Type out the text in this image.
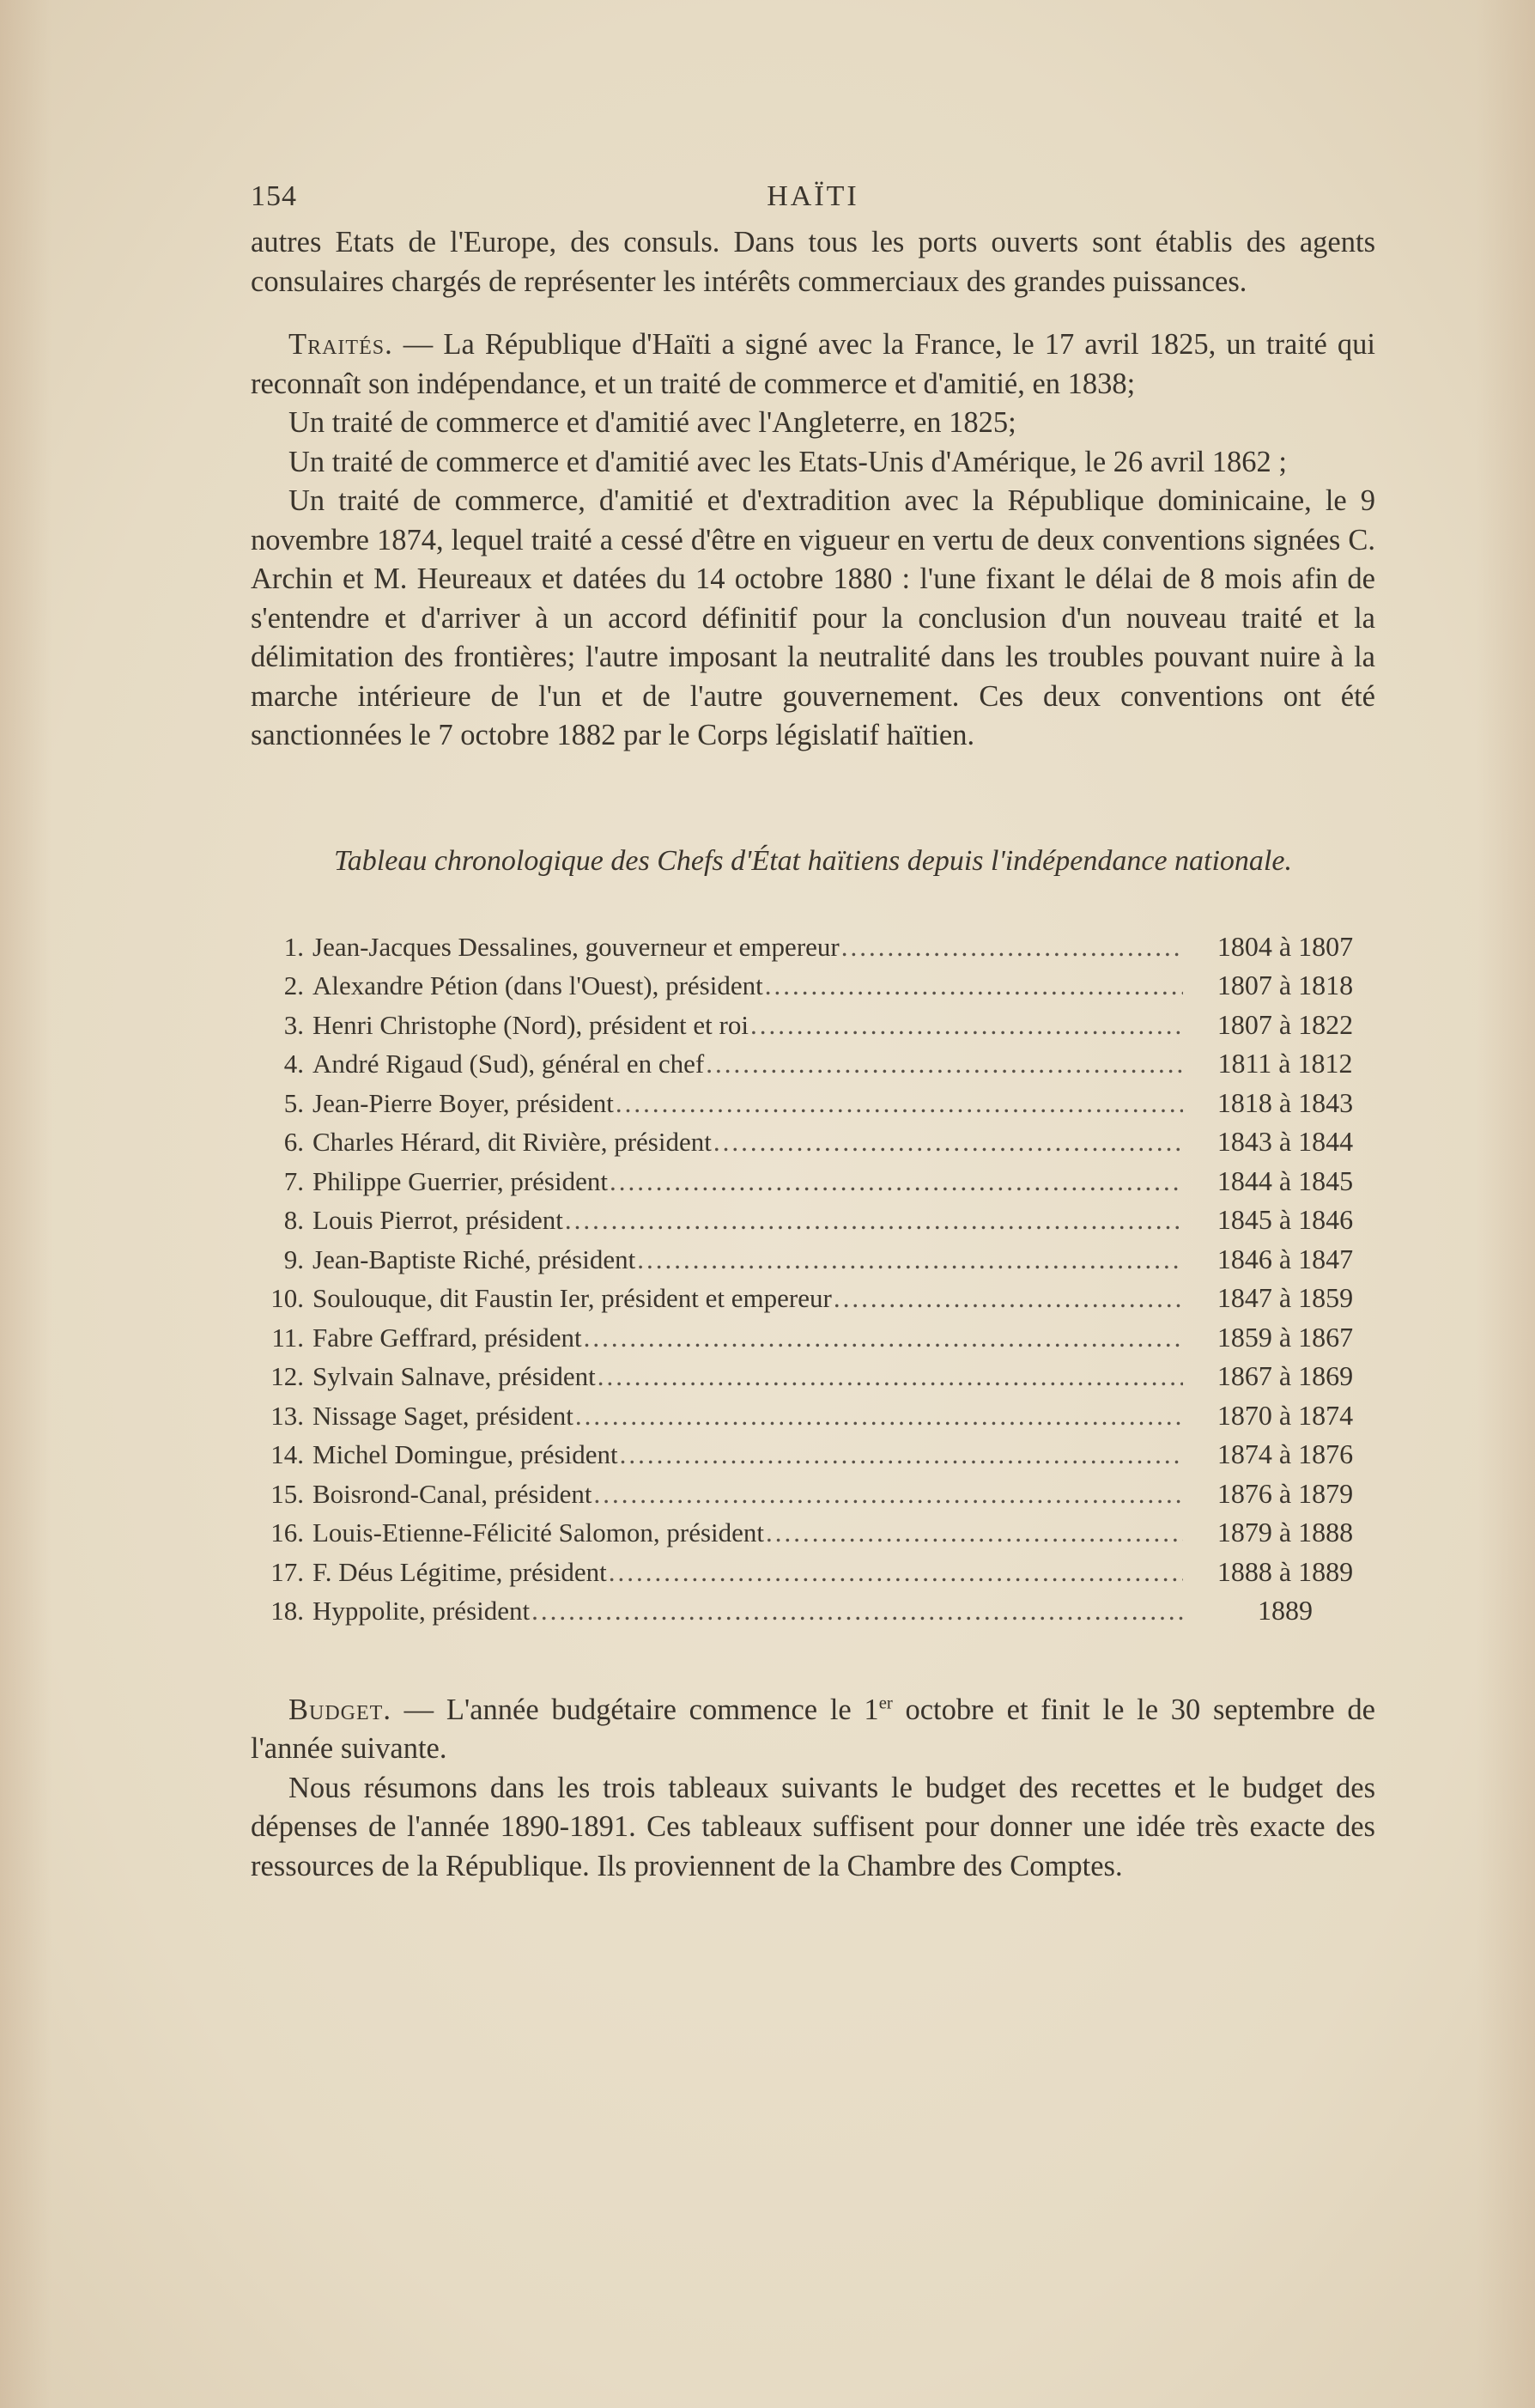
154	HAÏTI

autres Etats de l'Europe, des consuls. Dans tous les ports ouverts sont établis des agents consulaires chargés de représenter les intérêts commerciaux des grandes puissances.

Traités. — La République d'Haïti a signé avec la France, le 17 avril 1825, un traité qui reconnaît son indépendance, et un traité de commerce et d'amitié, en 1838;

Un traité de commerce et d'amitié avec l'Angleterre, en 1825;

Un traité de commerce et d'amitié avec les Etats-Unis d'Amérique, le 26 avril 1862 ;

Un traité de commerce, d'amitié et d'extradition avec la République dominicaine, le 9 novembre 1874, lequel traité a cessé d'être en vigueur en vertu de deux conventions signées C. Archin et M. Heureaux et datées du 14 octobre 1880 : l'une fixant le délai de 8 mois afin de s'entendre et d'arriver à un accord définitif pour la conclusion d'un nouveau traité et la délimitation des frontières; l'autre imposant la neutralité dans les troubles pouvant nuire à la marche intérieure de l'un et de l'autre gouvernement. Ces deux conventions ont été sanctionnées le 7 octobre 1882 par le Corps législatif haïtien.

Tableau chronologique des Chefs d'État haïtiens depuis l'indépendance nationale.

1. Jean-Jacques Dessalines, gouverneur et empereur .....	1804 à 1807
2. Alexandre Pétion (dans l'Ouest), président .....	1807 à 1818
3. Henri Christophe (Nord), président et roi .....	1807 à 1822
4. André Rigaud (Sud), général en chef .....	1811 à 1812
5. Jean-Pierre Boyer, président .....	1818 à 1843
6. Charles Hérard, dit Rivière, président .....	1843 à 1844
7. Philippe Guerrier, président .....	1844 à 1845
8. Louis Pierrot, président .....	1845 à 1846
9. Jean-Baptiste Riché, président .....	1846 à 1847
10. Soulouque, dit Faustin Ier, président et empereur .....	1847 à 1859
11. Fabre Geffrard, président .....	1859 à 1867
12. Sylvain Salnave, président .....	1867 à 1869
13. Nissage Saget, président .....	1870 à 1874
14. Michel Domingue, président .....	1874 à 1876
15. Boisrond-Canal, président .....	1876 à 1879
16. Louis-Etienne-Félicité Salomon, président .....	1879 à 1888
17. F. Déus Légitime, président .....	1888 à 1889
18. Hyppolite, président .....	1889

Budget. — L'année budgétaire commence le 1er octobre et finit le le 30 septembre de l'année suivante.

Nous résumons dans les trois tableaux suivants le budget des recettes et le budget des dépenses de l'année 1890-1891. Ces tableaux suffisent pour donner une idée très exacte des ressources de la République. Ils proviennent de la Chambre des Comptes.
